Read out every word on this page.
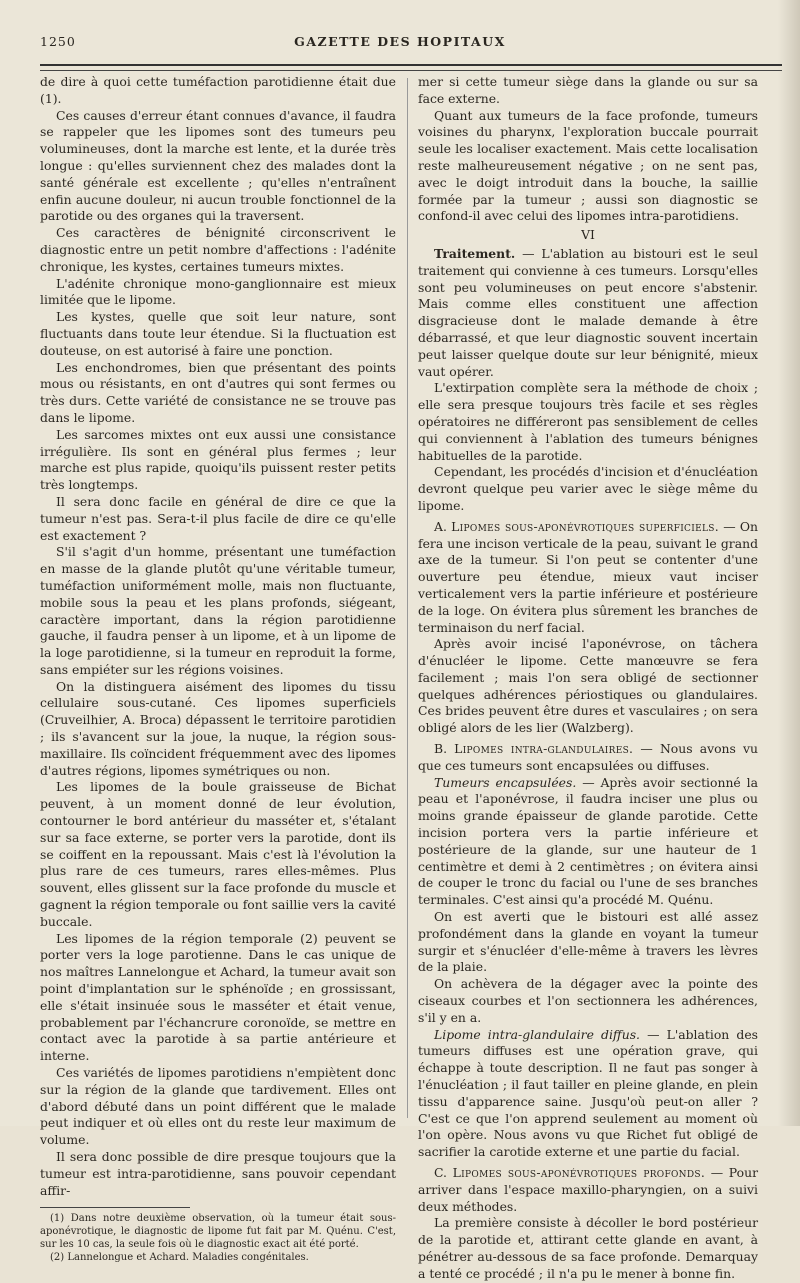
1250	GAZETTE DES HOPITAUX

de dire à quoi cette tuméfaction parotidienne était due (1).

Ces causes d'erreur étant connues d'avance, il faudra se rappeler que les lipomes sont des tumeurs peu volumineuses, dont la marche est lente, et la durée très longue : qu'elles surviennent chez des malades dont la santé générale est excellente ; qu'elles n'entraînent enfin aucune douleur, ni aucun trouble fonctionnel de la parotide ou des organes qui la traversent.

Ces caractères de bénignité circonscrivent le diagnostic entre un petit nombre d'affections : l'adénite chronique, les kystes, certaines tumeurs mixtes.

L'adénite chronique mono-ganglionnaire est mieux limitée que le lipome.

Les kystes, quelle que soit leur nature, sont fluctuants dans toute leur étendue. Si la fluctuation est douteuse, on est autorisé à faire une ponction.

Les enchondromes, bien que présentant des points mous ou résistants, en ont d'autres qui sont fermes ou très durs. Cette variété de consistance ne se trouve pas dans le lipome.

Les sarcomes mixtes ont eux aussi une consistance irrégulière. Ils sont en général plus fermes ; leur marche est plus rapide, quoiqu'ils puissent rester petits très longtemps.

Il sera donc facile en général de dire ce que la tumeur n'est pas. Sera-t-il plus facile de dire ce qu'elle est exactement ?

S'il s'agit d'un homme, présentant une tuméfaction en masse de la glande plutôt qu'une véritable tumeur, tuméfaction uniformément molle, mais non fluctuante, mobile sous la peau et les plans profonds, siégeant, caractère important, dans la région parotidienne gauche, il faudra penser à un lipome, et à un lipome de la loge parotidienne, si la tumeur en reproduit la forme, sans empiéter sur les régions voisines.

On la distinguera aisément des lipomes du tissu cellulaire sous-cutané. Ces lipomes superficiels (Cruveilhier, A. Broca) dépassent le territoire parotidien ; ils s'avancent sur la joue, la nuque, la région sous-maxillaire. Ils coïncident fréquemment avec des lipomes d'autres régions, lipomes symétriques ou non.

Les lipomes de la boule graisseuse de Bichat peuvent, à un moment donné de leur évolution, contourner le bord antérieur du masséter et, s'étalant sur sa face externe, se porter vers la parotide, dont ils se coiffent en la repoussant. Mais c'est là l'évolution la plus rare de ces tumeurs, rares elles-mêmes. Plus souvent, elles glissent sur la face profonde du muscle et gagnent la région temporale ou font saillie vers la cavité buccale.

Les lipomes de la région temporale (2) peuvent se porter vers la loge parotienne. Dans le cas unique de nos maîtres Lannelongue et Achard, la tumeur avait son point d'implantation sur le sphénoïde ; en grossissant, elle s'était insinuée sous le masséter et était venue, probablement par l'échancrure coronoïde, se mettre en contact avec la parotide à sa partie antérieure et interne.

Ces variétés de lipomes parotidiens n'empiètent donc sur la région de la glande que tardivement. Elles ont d'abord débuté dans un point différent que le malade peut indiquer et où elles ont du reste leur maximum de volume.

Il sera donc possible de dire presque toujours que la tumeur est intra-parotidienne, sans pouvoir cependant affir-

(1) Dans notre deuxième observation, où la tumeur était sous-aponévrotique, le diagnostic de lipome fut fait par M. Quénu. C'est, sur les 10 cas, la seule fois où le diagnostic exact ait été porté.

(2) Lannelongue et Achard. Maladies congénitales.

mer si cette tumeur siège dans la glande ou sur sa face externe.

Quant aux tumeurs de la face profonde, tumeurs voisines du pharynx, l'exploration buccale pourrait seule les localiser exactement. Mais cette localisation reste malheureusement négative ; on ne sent pas, avec le doigt introduit dans la bouche, la saillie formée par la tumeur ; aussi son diagnostic se confond-il avec celui des lipomes intra-parotidiens.

VI

Traitement. — L'ablation au bistouri est le seul traitement qui convienne à ces tumeurs. Lorsqu'elles sont peu volumineuses on peut encore s'abstenir. Mais comme elles constituent une affection disgracieuse dont le malade demande à être débarrassé, et que leur diagnostic souvent incertain peut laisser quelque doute sur leur bénignité, mieux vaut opérer.

L'extirpation complète sera la méthode de choix ; elle sera presque toujours très facile et ses règles opératoires ne différeront pas sensiblement de celles qui conviennent à l'ablation des tumeurs bénignes habituelles de la parotide.

Cependant, les procédés d'incision et d'énucléation devront quelque peu varier avec le siège même du lipome.

A. Lipomes sous-aponévrotiques superficiels. — On fera une incison verticale de la peau, suivant le grand axe de la tumeur. Si l'on peut se contenter d'une ouverture peu étendue, mieux vaut inciser verticalement vers la partie inférieure et postérieure de la loge. On évitera plus sûrement les branches de terminaison du nerf facial.

Après avoir incisé l'aponévrose, on tâchera d'énucléer le lipome. Cette manœuvre se fera facilement ; mais l'on sera obligé de sectionner quelques adhérences périostiques ou glandulaires. Ces brides peuvent être dures et vasculaires ; on sera obligé alors de les lier (Walzberg).

B. Lipomes intra-glandulaires. — Nous avons vu que ces tumeurs sont encapsulées ou diffuses.

Tumeurs encapsulées. — Après avoir sectionné la peau et l'aponévrose, il faudra inciser une plus ou moins grande épaisseur de glande parotide. Cette incision portera vers la partie inférieure et postérieure de la glande, sur une hauteur de 1 centimètre et demi à 2 centimètres ; on évitera ainsi de couper le tronc du facial ou l'une de ses branches terminales. C'est ainsi qu'a procédé M. Quénu.

On est averti que le bistouri est allé assez profondément dans la glande en voyant la tumeur surgir et s'énucléer d'elle-même à travers les lèvres de la plaie.

On achèvera de la dégager avec la pointe des ciseaux courbes et l'on sectionnera les adhérences, s'il y en a.

Lipome intra-glandulaire diffus. — L'ablation des tumeurs diffuses est une opération grave, qui échappe à toute description. Il ne faut pas songer à l'énucléation ; il faut tailler en pleine glande, en plein tissu d'apparence saine. Jusqu'où peut-on aller ? C'est ce que l'on apprend seulement au moment où l'on opère. Nous avons vu que Richet fut obligé de sacrifier la carotide externe et une partie du facial.

C. Lipomes sous-aponévrotiques profonds. — Pour arriver dans l'espace maxillo-pharyngien, on a suivi deux méthodes.

La première consiste à décoller le bord postérieur de la parotide et, attirant cette glande en avant, à pénétrer au-dessous de sa face profonde. Demarquay a tenté ce procédé ; il n'a pu le mener à bonne fin.
